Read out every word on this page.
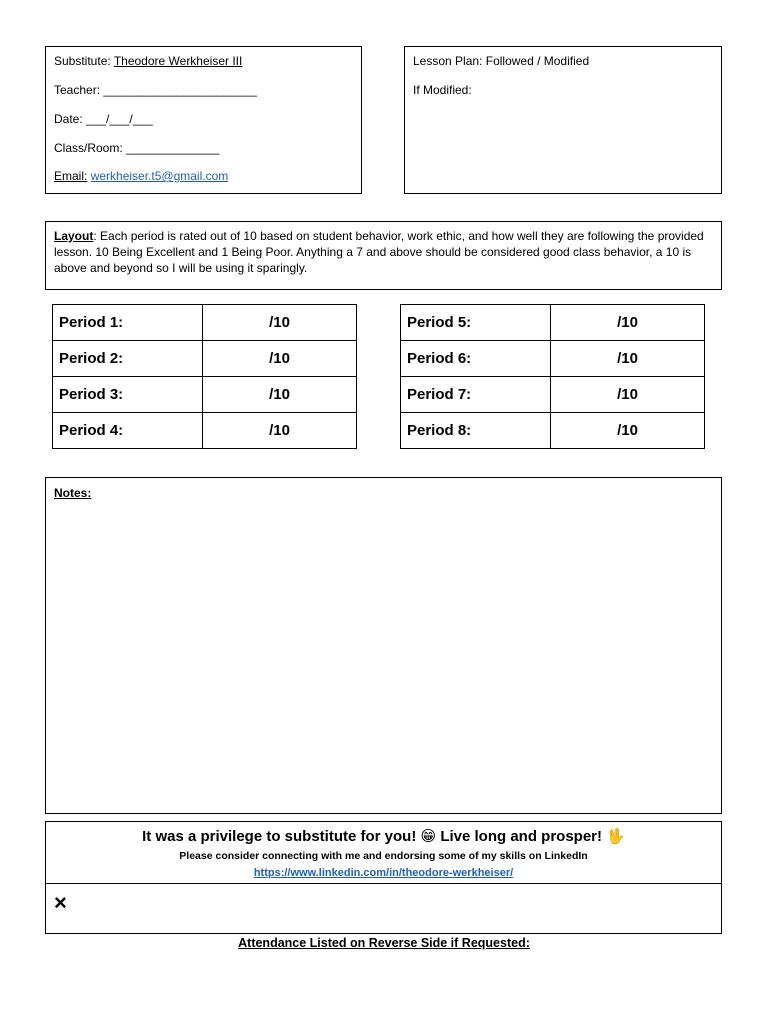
Substitute: Theodore Werkheiser III
Teacher: _______________________
Date: ___/___/___
Class/Room: ______________
Email: werkheiser.t5@gmail.com
Lesson Plan: Followed / Modified
If Modified:
Layout: Each period is rated out of 10 based on student behavior, work ethic, and how well they are following the provided lesson. 10 Being Excellent and 1 Being Poor. Anything a 7 and above should be considered good class behavior, a 10 is above and beyond so I will be using it sparingly.
Period 1:	/10
Period 2:	/10
Period 3:	/10
Period 4:	/10
Period 5:	/10
Period 6:	/10
Period 7:	/10
Period 8:	/10
Notes:
It was a privilege to substitute for you! 😁 Live long and prosper! 🖖
Please consider connecting with me and endorsing some of my skills on LinkedIn
https://www.linkedin.com/in/theodore-werkheiser/
×
Attendance Listed on Reverse Side if Requested:
